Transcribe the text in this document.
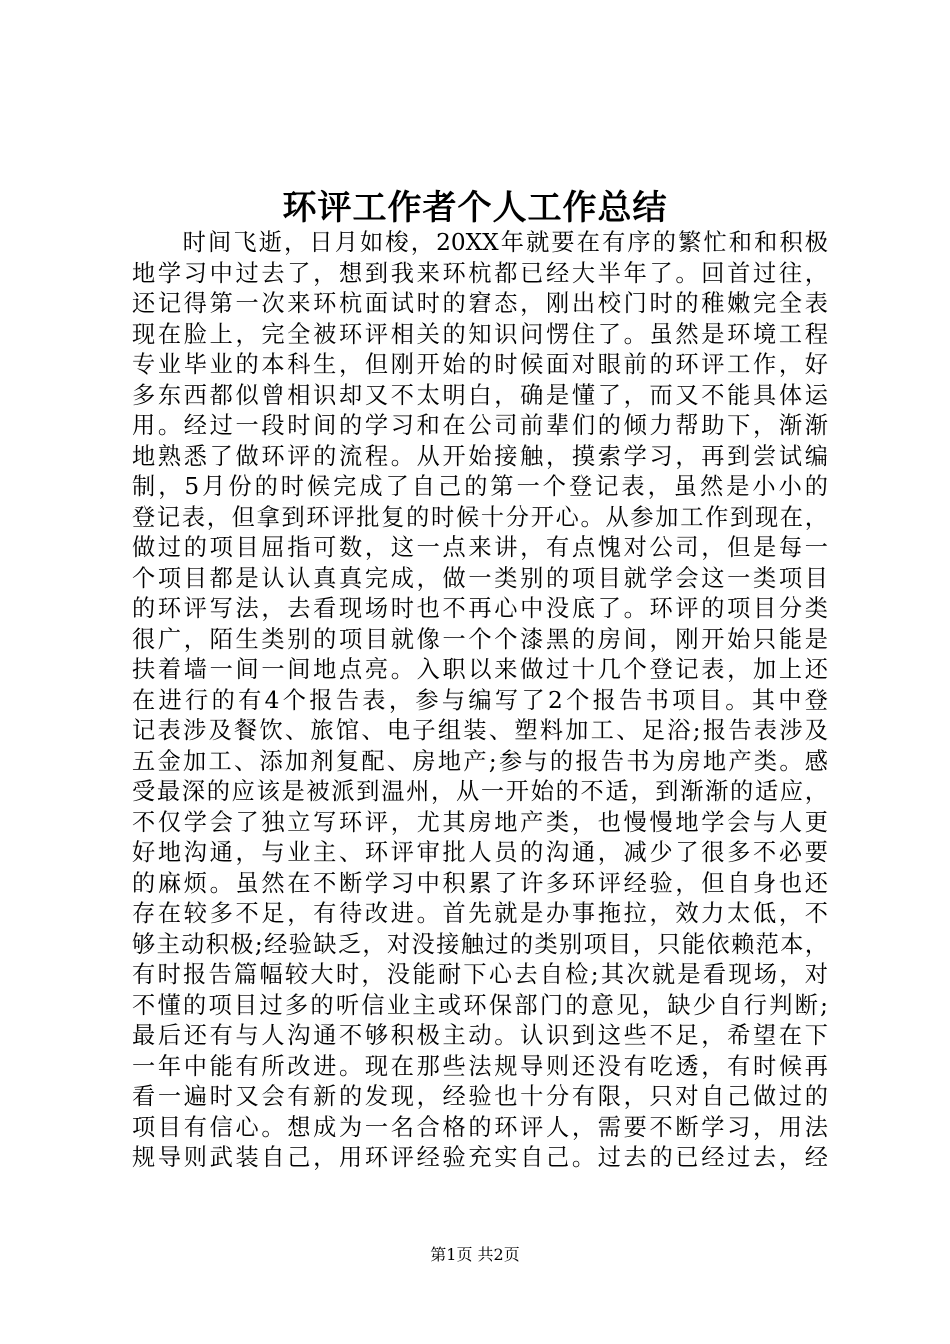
环评工作者个人工作总结
　　时间飞逝，日月如梭，20XX年就要在有序的繁忙和和积极
地学习中过去了，想到我来环杭都已经大半年了。回首过往，
还记得第一次来环杭面试时的窘态，刚出校门时的稚嫩完全表
现在脸上，完全被环评相关的知识问愣住了。虽然是环境工程
专业毕业的本科生，但刚开始的时候面对眼前的环评工作，好
多东西都似曾相识却又不太明白，确是懂了，而又不能具体运
用。经过一段时间的学习和在公司前辈们的倾力帮助下，渐渐
地熟悉了做环评的流程。从开始接触，摸索学习，再到尝试编
制，5月份的时候完成了自己的第一个登记表，虽然是小小的
登记表，但拿到环评批复的时候十分开心。从参加工作到现在，
做过的项目屈指可数，这一点来讲，有点愧对公司，但是每一
个项目都是认认真真完成，做一类别的项目就学会这一类项目
的环评写法，去看现场时也不再心中没底了。环评的项目分类
很广，陌生类别的项目就像一个个漆黑的房间，刚开始只能是
扶着墙一间一间地点亮。入职以来做过十几个登记表，加上还
在进行的有4个报告表，参与编写了2个报告书项目。其中登
记表涉及餐饮、旅馆、电子组装、塑料加工、足浴;报告表涉及
五金加工、添加剂复配、房地产;参与的报告书为房地产类。感
受最深的应该是被派到温州，从一开始的不适，到渐渐的适应，
不仅学会了独立写环评，尤其房地产类，也慢慢地学会与人更
好地沟通，与业主、环评审批人员的沟通，减少了很多不必要
的麻烦。虽然在不断学习中积累了许多环评经验，但自身也还
存在较多不足，有待改进。首先就是办事拖拉，效力太低，不
够主动积极;经验缺乏，对没接触过的类别项目，只能依赖范本，
有时报告篇幅较大时，没能耐下心去自检;其次就是看现场，对
不懂的项目过多的听信业主或环保部门的意见，缺少自行判断;
最后还有与人沟通不够积极主动。认识到这些不足，希望在下
一年中能有所改进。现在那些法规导则还没有吃透，有时候再
看一遍时又会有新的发现，经验也十分有限，只对自己做过的
项目有信心。想成为一名合格的环评人，需要不断学习，用法
规导则武装自己，用环评经验充实自己。过去的已经过去，经
第1页 共2页
